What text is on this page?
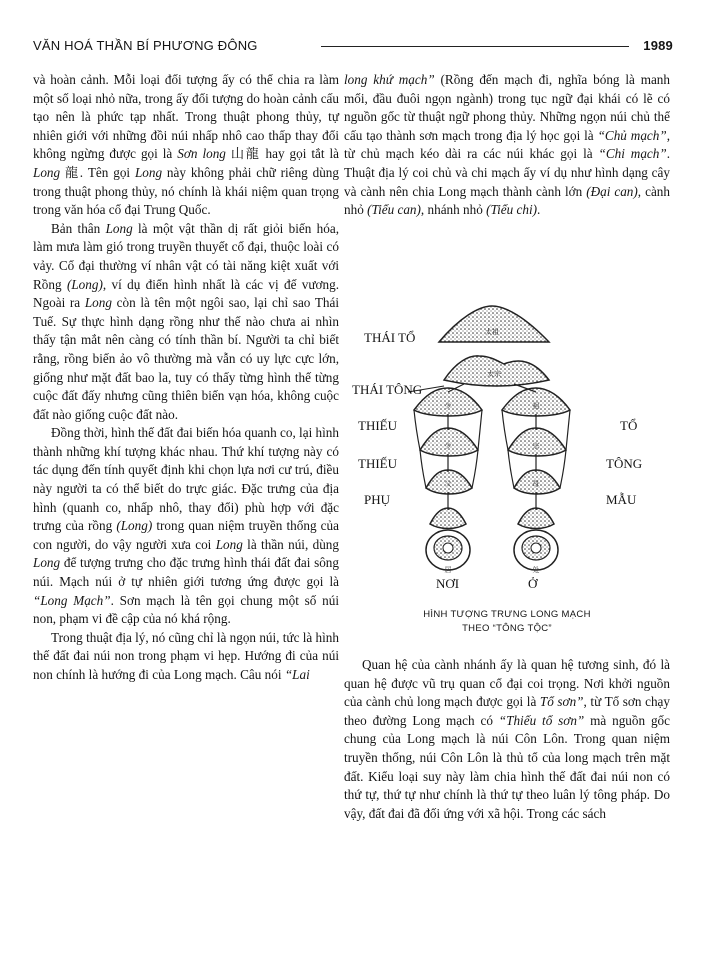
VĂN HOÁ THẦN BÍ PHƯƠNG ĐÔNG	1989

và hoàn cảnh. Mỗi loại đối tượng ấy có thể chia ra làm một số loại nhỏ nữa, trong ấy đối tượng do hoàn cảnh cấu tạo nên là phức tạp nhất. Trong thuật phong thủy, tự nhiên giới với những đồi núi nhấp nhô cao thấp thay đổi không ngừng được gọi là Sơn long 山龍 hay gọi tắt là Long 龍. Tên gọi Long này không phải chữ riêng dùng trong thuật phong thủy, nó chính là khái niệm quan trọng trong văn hóa cổ đại Trung Quốc.

Bản thân Long là một vật thần dị rất giỏi biến hóa, làm mưa làm gió trong truyền thuyết cổ đại, thuộc loài có vảy. Cổ đại thường ví nhân vật có tài năng kiệt xuất với Rồng (Long), ví dụ điển hình nhất là các vị đế vương. Ngoài ra Long còn là tên một ngôi sao, lại chỉ sao Thái Tuế. Sự thực hình dạng rồng như thế nào chưa ai nhìn thấy tận mắt nên càng có tính thần bí. Người ta chỉ biết rằng, rồng biến ảo vô thường mà vẫn có uy lực cực lớn, giống như mặt đất bao la, tuy có thấy từng hình thế từng cuộc đất đấy nhưng cũng thiên biến vạn hóa, không cuộc đất nào giống cuộc đất nào.

Đồng thời, hình thế đất đai biến hóa quanh co, lại hình thành những khí tượng khác nhau. Thứ khí tượng này có tác dụng đến tính quyết định khi chọn lựa nơi cư trú, điều này người ta có thể biết do trực giác. Đặc trưng của địa hình (quanh co, nhấp nhô, thay đổi) phù hợp với đặc trưng của rồng (Long) trong quan niệm truyền thống của con người, do vậy người xưa coi Long là thần núi, dùng Long để tượng trưng cho đặc trưng hình thái đất đai sông núi. Mạch núi ở tự nhiên giới tương ứng được gọi là “Long Mạch”. Sơn mạch là tên gọi chung một số núi non, phạm vi đề cập của nó khá rộng.

Trong thuật địa lý, nó cũng chỉ là ngọn núi, tức là hình thế đất đai núi non trong phạm vi hẹp. Hướng đi của núi non chính là hướng đi của Long mạch. Câu nói “Lai

long khứ mạch” (Rồng đến mạch đi, nghĩa bóng là manh mối, đầu đuôi ngọn ngành) trong tục ngữ đại khái có lẽ có nguồn gốc từ thuật ngữ phong thủy. Những ngọn núi chủ thể cấu tạo thành sơn mạch trong địa lý học gọi là “Chủ mạch”, từ chủ mạch kéo dài ra các núi khác gọi là “Chi mạch”. Thuật địa lý coi chủ và chi mạch ấy ví dụ như hình dạng cây và cành nên chia Long mạch thành cành lớn (Đại can), cành nhỏ (Tiểu can), nhánh nhỏ (Tiểu chi).

太祖
太宗
少
少
父
祖
宗
母
居	处
THÁI TỔ
THÁI TÔNG
THIẾU
THIẾU
PHỤ
TỔ
TÔNG
MẪU
NƠI	Ở
HÌNH TƯỢNG TRƯNG LONG MẠCH
THEO “TÔNG TỘC”

Quan hệ của cành nhánh ấy là quan hệ tương sinh, đó là quan hệ được vũ trụ quan cổ đại coi trọng. Nơi khởi nguồn của cành chủ long mạch được gọi là Tổ sơn”, từ Tổ sơn chạy theo đường Long mạch có “Thiếu tổ sơn” mà nguồn gốc chung của Long mạch là núi Côn Lôn. Trong quan niệm truyền thống, núi Côn Lôn là thủ tổ của long mạch trên mặt đất. Kiểu loại suy này làm chia hình thế đất đai núi non có thứ tự, thứ tự như chính là thứ tự theo luân lý tông pháp. Do vậy, đất đai đã đối ứng với xã hội. Trong các sách
